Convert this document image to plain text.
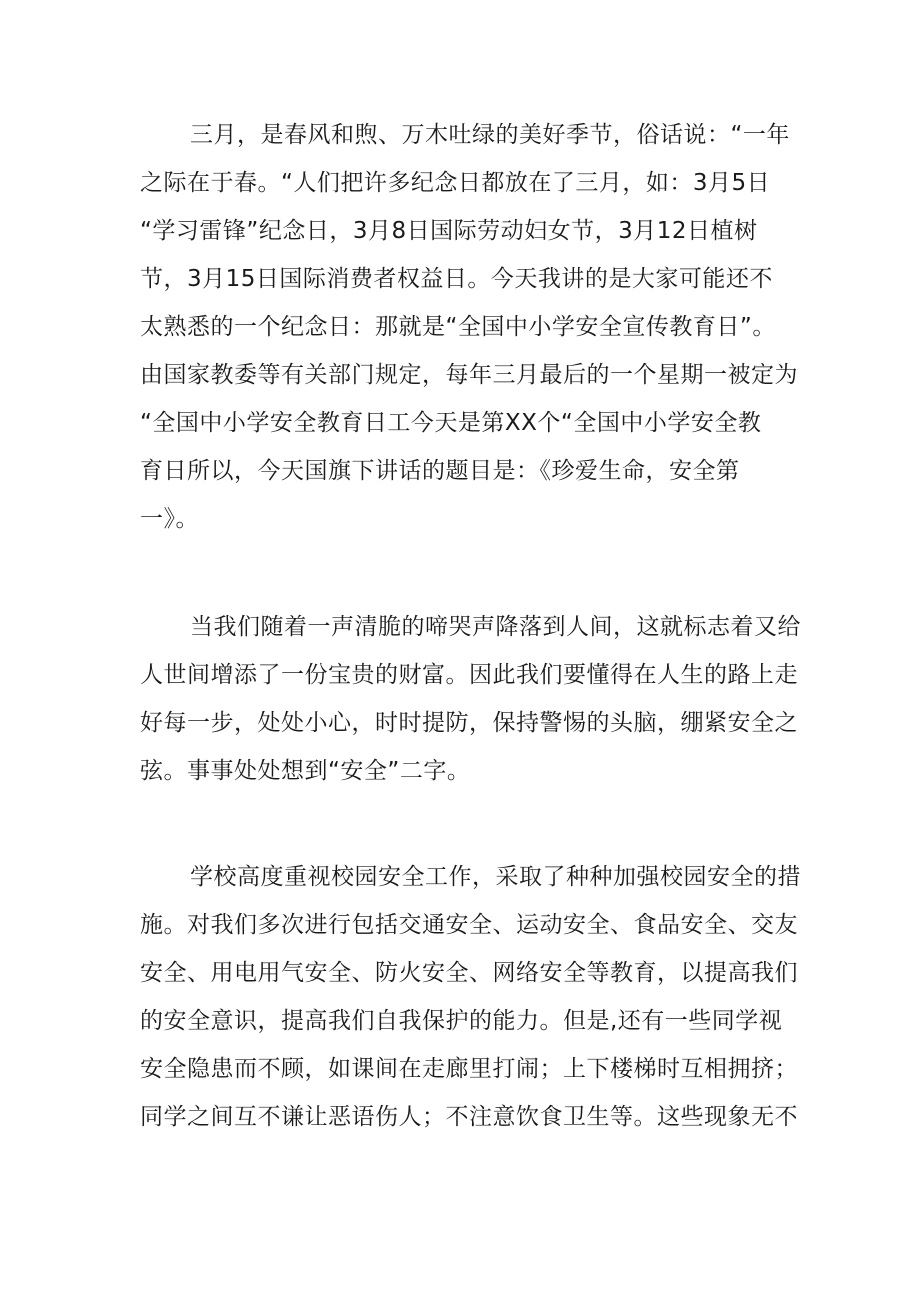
三月，是春风和煦、万木吐绿的美好季节，俗话说：“一年

之际在于春。“人们把许多纪念日都放在了三月，如：3月5日

“学习雷锋”纪念日，3月8日国际劳动妇女节，3月12日植树

节，3月15日国际消费者权益日。今天我讲的是大家可能还不

太熟悉的一个纪念日：那就是“全国中小学安全宣传教育日”。

由国家教委等有关部门规定，每年三月最后的一个星期一被定为

“全国中小学安全教育日工今天是第XX个“全国中小学安全教

育日所以，今天国旗下讲话的题目是：《珍爱生命，安全第

一》。

当我们随着一声清脆的啼哭声降落到人间，这就标志着又给

人世间增添了一份宝贵的财富。因此我们要懂得在人生的路上走

好每一步，处处小心，时时提防，保持警惕的头脑，绷紧安全之

弦。事事处处想到“安全”二字。

学校高度重视校园安全工作，采取了种种加强校园安全的措

施。对我们多次进行包括交通安全、运动安全、食品安全、交友

安全、用电用气安全、防火安全、网络安全等教育，以提高我们

的安全意识，提高我们自我保护的能力。但是,还有一些同学视

安全隐患而不顾，如课间在走廊里打闹；上下楼梯时互相拥挤；

同学之间互不谦让恶语伤人；不注意饮食卫生等。这些现象无不
